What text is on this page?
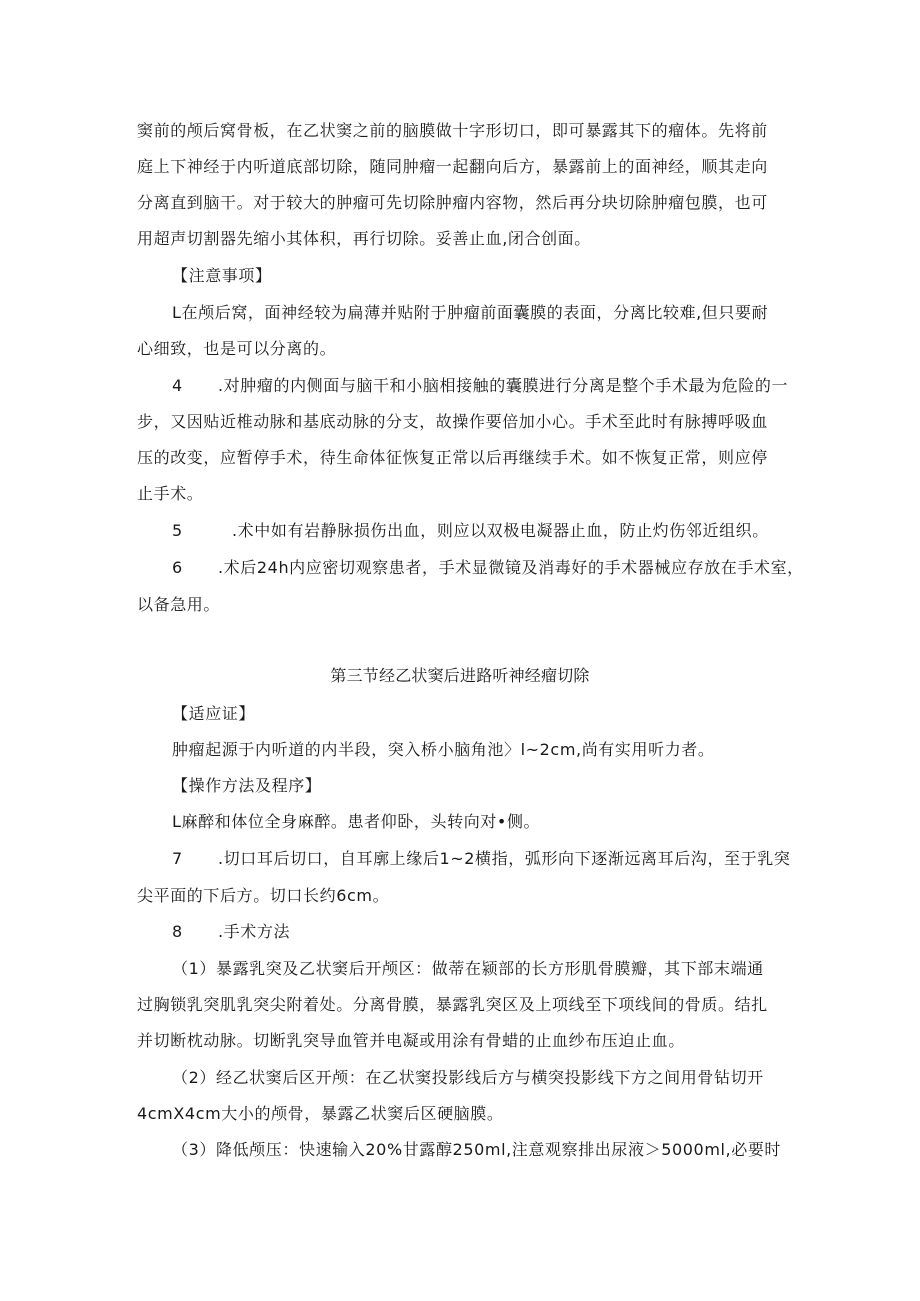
窦前的颅后窝骨板，在乙状窦之前的脑膜做十字形切口，即可暴露其下的瘤体。先将前
庭上下神经于内听道底部切除，随同肿瘤一起翻向后方，暴露前上的面神经，顺其走向
分离直到脑干。对于较大的肿瘤可先切除肿瘤内容物，然后再分块切除肿瘤包膜，也可
用超声切割器先缩小其体积，再行切除。妥善止血,闭合创面。
【注意事项】
L在颅后窝，面神经较为扁薄并贴附于肿瘤前面囊膜的表面，分离比较难,但只要耐
心细致，也是可以分离的。
4 .对肿瘤的内侧面与脑干和小脑相接触的囊膜进行分离是整个手术最为危险的一
步，又因贴近椎动脉和基底动脉的分支，故操作要倍加小心。手术至此时有脉搏呼吸血
压的改变，应暂停手术，待生命体征恢复正常以后再继续手术。如不恢复正常，则应停
止手术。
5	.术中如有岩静脉损伤出血，则应以双极电凝器止血，防止灼伤邻近组织。
6 .术后24h内应密切观察患者，手术显微镜及消毒好的手术器械应存放在手术室，
以备急用。
第三节经乙状窦后进路听神经瘤切除
【适应证】
肿瘤起源于内听道的内半段，突入桥小脑角池〉l~2cm,尚有实用听力者。
【操作方法及程序】
L麻醉和体位全身麻醉。患者仰卧，头转向对•侧。
7 .切口耳后切口，自耳廓上缘后1~2横指，弧形向下逐渐远离耳后沟，至于乳突
尖平面的下后方。切口长约6cm。
8 .手术方法
（1）暴露乳突及乙状窦后开颅区：做蒂在颍部的长方形肌骨膜瓣，其下部末端通
过胸锁乳突肌乳突尖附着处。分离骨膜，暴露乳突区及上项线至下项线间的骨质。结扎
并切断枕动脉。切断乳突导血管并电凝或用涂有骨蜡的止血纱布压迫止血。
（2）经乙状窦后区开颅：在乙状窦投影线后方与横突投影线下方之间用骨钻切开
4cmX4cm大小的颅骨，暴露乙状窦后区硬脑膜。
（3）降低颅压：快速输入20%甘露醇250ml,注意观察排出尿液＞5000ml,必要时
